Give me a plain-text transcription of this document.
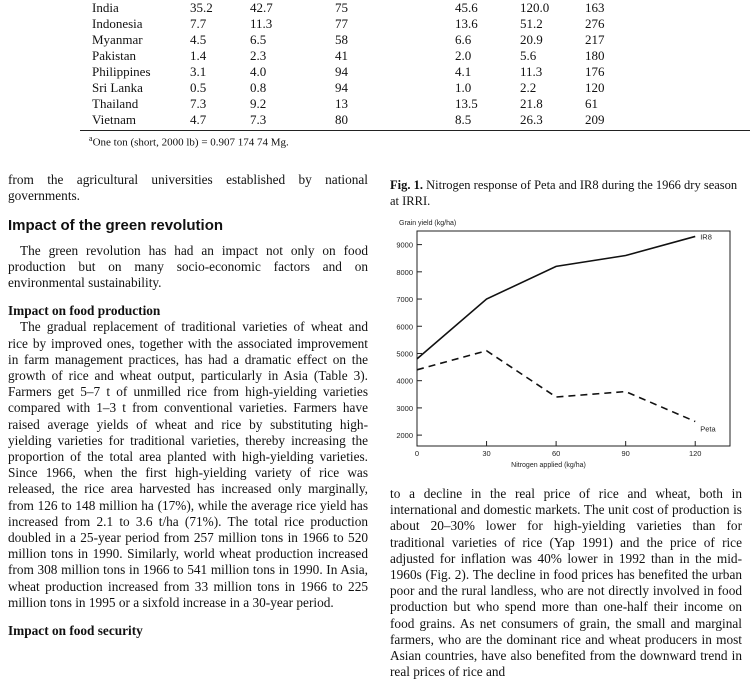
India	35.2	42.7	75	45.6	120.0	163
Indonesia	7.7	11.3	77	13.6	51.2	276
Myanmar	4.5	6.5	58	6.6	20.9	217
Pakistan	1.4	2.3	41	2.0	5.6	180
Philippines	3.1	4.0	94	4.1	11.3	176
Sri Lanka	0.5	0.8	94	1.0	2.2	120
Thailand	7.3	9.2	13	13.5	21.8	61
Vietnam	4.7	7.3	80	8.5	26.3	209
$^a$One ton (short, 2000 lb) = 0.907 174 74 Mg.

from the agricultural universities established by national governments.

Impact of the green revolution

The green revolution has had an impact not only on food production but on many socio-economic factors and on environmental sustainability.

Impact on food production

The gradual replacement of traditional varieties of wheat and rice by improved ones, together with the associated improvement in farm management practices, has had a dramatic effect on the growth of rice and wheat output, particularly in Asia (Table 3). Farmers get 5–7 t of unmilled rice from high-yielding varieties compared with 1–3 t from conventional varieties. Farmers have raised average yields of wheat and rice by substituting high-yielding varieties for traditional varieties, thereby increasing the proportion of the total area planted with high-yielding varieties. Since 1966, when the first high-yielding variety of rice was released, the rice area harvested has increased only marginally, from 126 to 148 million ha (17%), while the average rice yield has increased from 2.1 to 3.6 t/ha (71%). The total rice production doubled in a 25-year period from 257 million tons in 1966 to 520 million tons in 1990. Similarly, world wheat production increased from 308 million tons in 1966 to 541 million tons in 1990. In Asia, wheat production increased from 33 million tons in 1966 to 225 million tons in 1995 or a sixfold increase in a 30-year period.

Impact on food security
Fig. 1. Nitrogen response of Peta and IR8 during the 1966 dry season at IRRI.
2000
3000
4000
5000
6000
7000
8000
9000
0	30	60	90	120
Grain yield (kg/ha)
Nitrogen applied (kg/ha)
IR8
Peta

to a decline in the real price of rice and wheat, both in international and domestic markets. The unit cost of production is about 20–30% lower for high-yielding varieties than for traditional varieties of rice (Yap 1991) and the price of rice adjusted for inflation was 40% lower in 1992 than in the mid-1960s (Fig. 2). The decline in food prices has benefited the urban poor and the rural landless, who are not directly involved in food production but who spend more than one-half their income on food grains. As net consumers of grain, the small and marginal farmers, who are the dominant rice and wheat producers in most Asian countries, have also benefited from the downward trend in real prices of rice and
